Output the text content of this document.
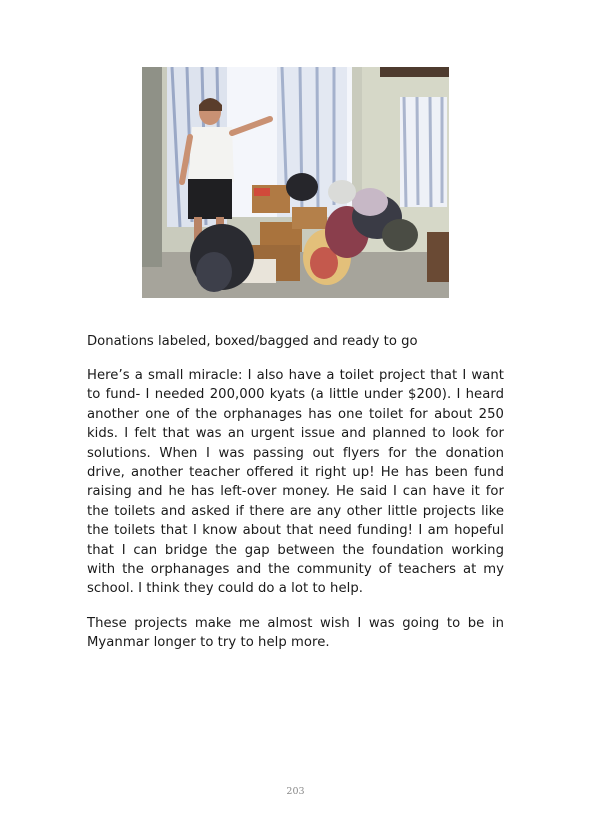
Donations labeled, boxed/bagged and ready to go

Here’s a small miracle: I also have a toilet project that I want to fund- I needed 200,000 kyats (a little under $200). I heard another one of the orphanages has one toilet for about 250 kids. I felt that was an urgent issue and planned to look for solutions. When I was passing out flyers for the donation drive, another teacher offered it right up! He has been fund raising and he has left-over money. He said I can have it for the toilets and asked if there are any other little projects like the toilets that I know about that need funding! I am hopeful that I can bridge the gap between the foundation working with the orphanages and the community of teachers at my school. I think they could do a lot to help.

These projects make me almost wish I was going to be in Myanmar longer to try to help more.

203
